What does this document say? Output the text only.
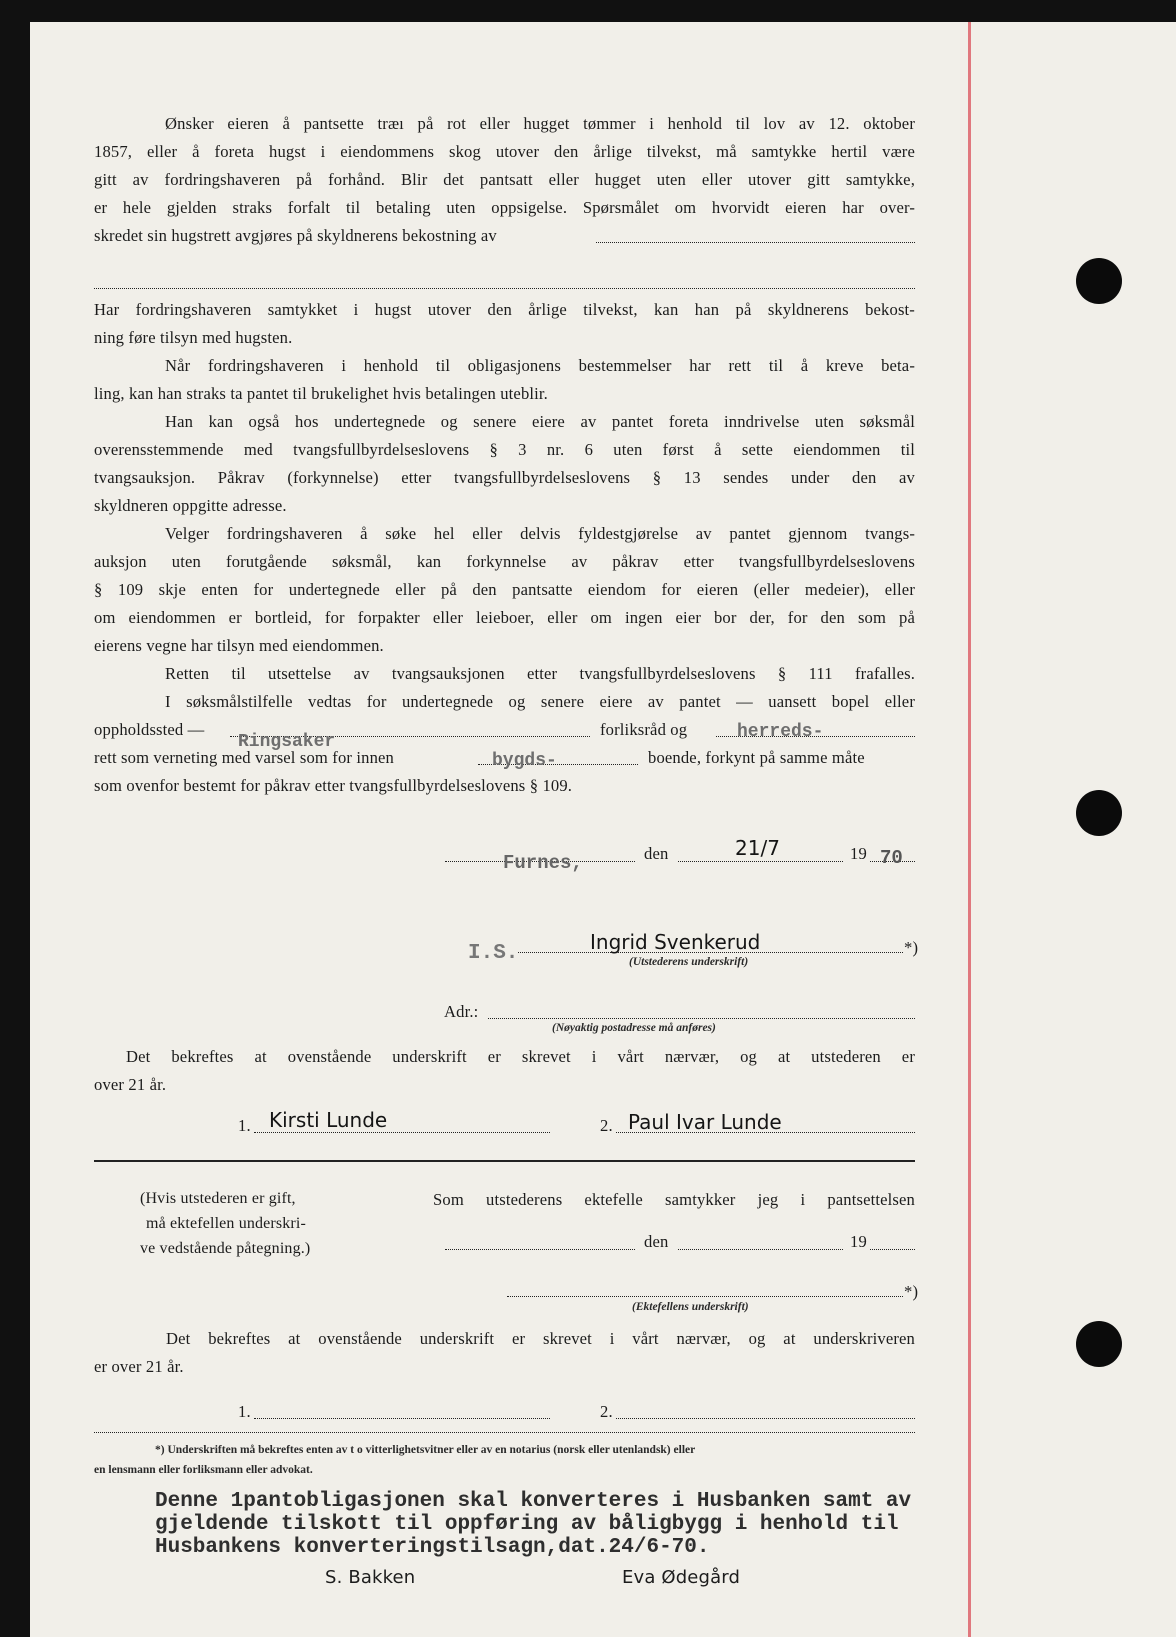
Ønsker eieren å pantsette træı på rot eller hugget tømmer i henhold til lov av 12. oktober
1857, eller å foreta hugst i eiendommens skog utover den årlige tilvekst, må samtykke hertil være
gitt av fordringshaveren på forhånd. Blir det pantsatt eller hugget uten eller utover gitt samtykke,
er hele gjelden straks forfalt til betaling uten oppsigelse. Spørsmålet om hvorvidt eieren har over-
skredet sin hugstrett avgjøres på skyldnerens bekostning av
Har fordringshaveren samtykket i hugst utover den årlige tilvekst, kan han på skyldnerens bekost-
ning føre tilsyn med hugsten.
Når fordringshaveren i henhold til obligasjonens bestemmelser har rett til å kreve beta-
ling, kan han straks ta pantet til brukelighet hvis betalingen uteblir.
Han kan også hos undertegnede og senere eiere av pantet foreta inndrivelse uten søksmål
overensstemmende med tvangsfullbyrdelseslovens § 3 nr. 6 uten først å sette eiendommen til
tvangsauksjon. Påkrav (forkynnelse) etter tvangsfullbyrdelseslovens § 13 sendes under den av
skyldneren oppgitte adresse.
Velger fordringshaveren å søke hel eller delvis fyldestgjørelse av pantet gjennom tvangs-
auksjon uten forutgående søksmål, kan forkynnelse av påkrav etter tvangsfullbyrdelseslovens
§ 109 skje enten for undertegnede eller på den pantsatte eiendom for eieren (eller medeier), eller
om eiendommen er bortleid, for forpakter eller leieboer, eller om ingen eier bor der, for den som på
eierens vegne har tilsyn med eiendommen.
Retten til utsettelse av tvangsauksjonen etter tvangsfullbyrdelseslovens § 111 frafalles.
I søksmålstilfelle vedtas for undertegnede og senere eiere av pantet — uansett bopel eller
oppholdssted —	forliksråd og	herreds-
Ringsaker
rett som verneting med varsel som for innen	bygds-	boende, forkynt på samme måte
som ovenfor bestemt for påkrav etter tvangsfullbyrdelseslovens § 109.
Furnes,	den	21/7	19 70
I.S.	Ingrid Svenkerud	*)
(Utstederens underskrift)
Adr.:
(Nøyaktig postadresse må anføres)
Det bekreftes at ovenstående underskrift er skrevet i vårt nærvær, og at utstederen er
over 21 år.
1. Kirsti Lunde	2. Paul Ivar Lunde
(Hvis utstederen er gift,
må ektefellen underskri-
ve vedstående påtegning.)
Som utstederens ektefelle samtykker jeg i pantsettelsen
den	19
*)
(Ektefellens underskrift)
Det bekreftes at ovenstående underskrift er skrevet i vårt nærvær, og at underskriveren
er over 21 år.
1.	2.
*) Underskriften må bekreftes enten av t o vitterlighetsvitner eller av en notarius (norsk eller utenlandsk) eller
en lensmann eller forliksmann eller advokat.
Denne 1pantobligasjonen skal konverteres i Husbanken samt av
gjeldende tilskott til oppføring av båligbygg i henhold til
Husbankens konverteringstilsagn,dat.24/6-70.
S. Bakken	Eva Ødegård
